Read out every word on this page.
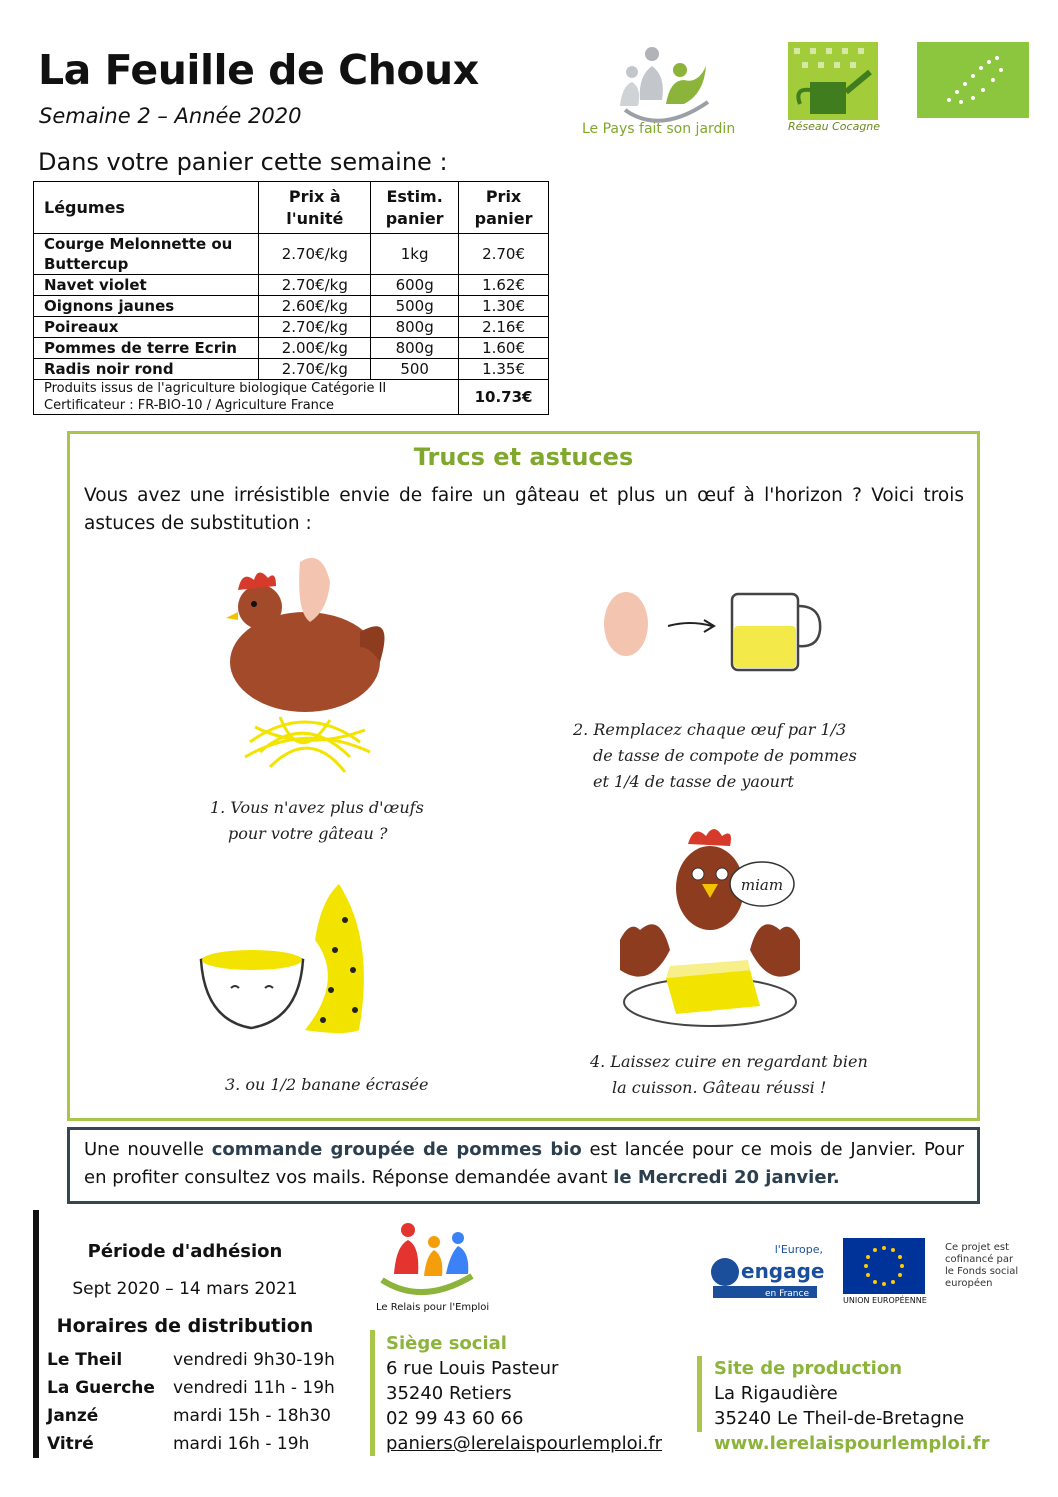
La Feuille de Choux
Semaine 2 – Année 2020
Dans votre panier cette semaine :
Le Pays fait son jardin	Réseau Cocagne
Légumes	Prix à l'unité	Estim. panier	Prix panier
Courge Melonnette ou Buttercup	2.70€/kg	1kg	2.70€
Navet violet	2.70€/kg	600g	1.62€
Oignons jaunes	2.60€/kg	500g	1.30€
Poireaux	2.70€/kg	800g	2.16€
Pommes de terre Ecrin	2.00€/kg	800g	1.60€
Radis noir rond	2.70€/kg	500	1.35€

Produits issus de l'agriculture biologique Catégorie II
Certificateur : FR-BIO-10 / Agriculture France			10.73€
Trucs et astuces
Vous avez une irrésistible envie de faire un gâteau et plus un œuf à l'horizon ? Voici trois astuces de substitution :
1. Vous n'avez plus d'œufs
pour votre gâteau ?
2. Remplacez chaque œuf par 1/3
de tasse de compote de pommes
et 1/4 de tasse de yaourt
3. ou 1/2 banane écrasée
miam
4. Laissez cuire en regardant bien
la cuisson. Gâteau réussi !
Une nouvelle commande groupée de pommes bio est lancée pour ce mois de Janvier. Pour en profiter consultez vos mails. Réponse demandée avant le Mercredi 20 janvier.
Période d'adhésion
Sept 2020 – 14 mars 2021
Horaires de distribution
Le Theil	vendredi 9h30-19h
La Guerche vendredi 11h - 19h
Janzé	mardi 15h - 18h30
Vitré	mardi 16h - 19h
Le Relais pour l'Emploi
Siège social
6 rue Louis Pasteur
35240 Retiers
02 99 43 60 66
paniers@lerelaispourlemploi.fr
Site de production
La Rigaudière
35240 Le Theil-de-Bretagne
www.lerelaispourlemploi.fr
l'Europe,
engage
en France
UNION EUROPÉENNE
Ce projet est cofinancé par le Fonds social européen
